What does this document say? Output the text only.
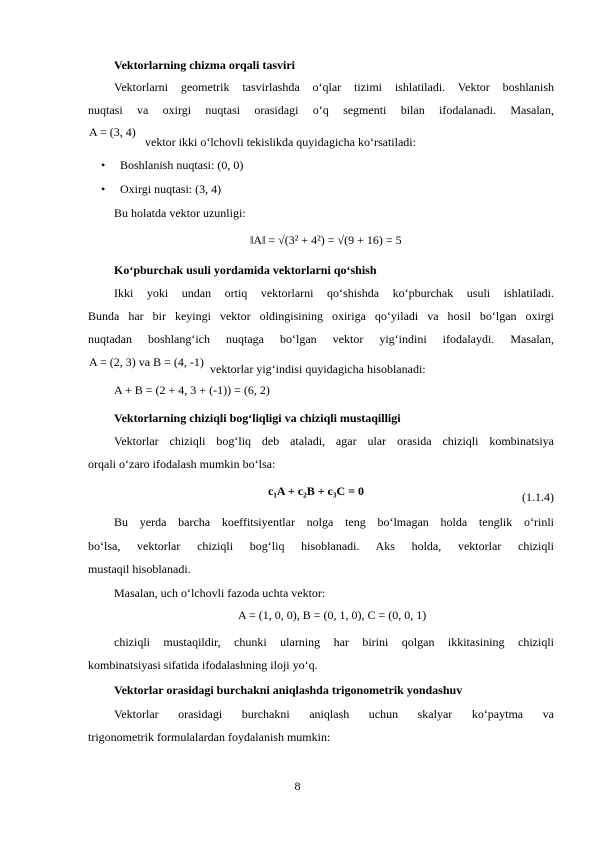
Vektorlarning chizma orqali tasviri
Vektorlarni geometrik tasvirlashda o‘qlar tizimi ishlatiladi. Vektor boshlanish
nuqtasi va oxirgi nuqtasi orasidagi o‘q segmenti bilan ifodalanadi. Masalan,
A = (3, 4)
vektor ikki o‘lchovli tekislikda quyidagicha ko‘rsatiladi:
• Boshlanish nuqtasi: (0, 0)
• Oxirgi nuqtasi: (3, 4)
Bu holatda vektor uzunligi:
‖A‖ = √(3² + 4²) = √(9 + 16) = 5
Ko‘pburchak usuli yordamida vektorlarni qo‘shish
Ikki yoki undan ortiq vektorlarni qo‘shishda ko‘pburchak usuli ishlatiladi.
Bunda har bir keyingi vektor oldingisining oxiriga qo‘yiladi va hosil bo‘lgan oxirgi
nuqtadan boshlang‘ich nuqtaga bo‘lgan vektor yig‘indini ifodalaydi. Masalan,
A = (2, 3) va B = (4, -1) vektorlar yig‘indisi quyidagicha hisoblanadi:
A + B = (2 + 4, 3 + (-1)) = (6, 2)
Vektorlarning chiziqli bog‘liqligi va chiziqli mustaqilligi
Vektorlar chiziqli bog‘liq deb ataladi, agar ular orasida chiziqli kombinatsiya
orqali o‘zaro ifodalash mumkin bo‘lsa:
c₁A + c₂B + c₃C = 0	(1.1.4)
Bu yerda barcha koeffitsiyentlar nolga teng bo‘lmagan holda tenglik o‘rinli
bo‘lsa, vektorlar chiziqli bog‘liq hisoblanadi. Aks holda, vektorlar chiziqli
mustaqil hisoblanadi.
Masalan, uch o‘lchovli fazoda uchta vektor:
A = (1, 0, 0), B = (0, 1, 0), C = (0, 0, 1)
chiziqli mustaqildir, chunki ularning har birini qolgan ikkitasining chiziqli
kombinatsiyasi sifatida ifodalashning iloji yo‘q.
Vektorlar orasidagi burchakni aniqlashda trigonometrik yondashuv
Vektorlar orasidagi burchakni aniqlash uchun skalyar ko‘paytma va
trigonometrik formulalardan foydalanish mumkin:
8
